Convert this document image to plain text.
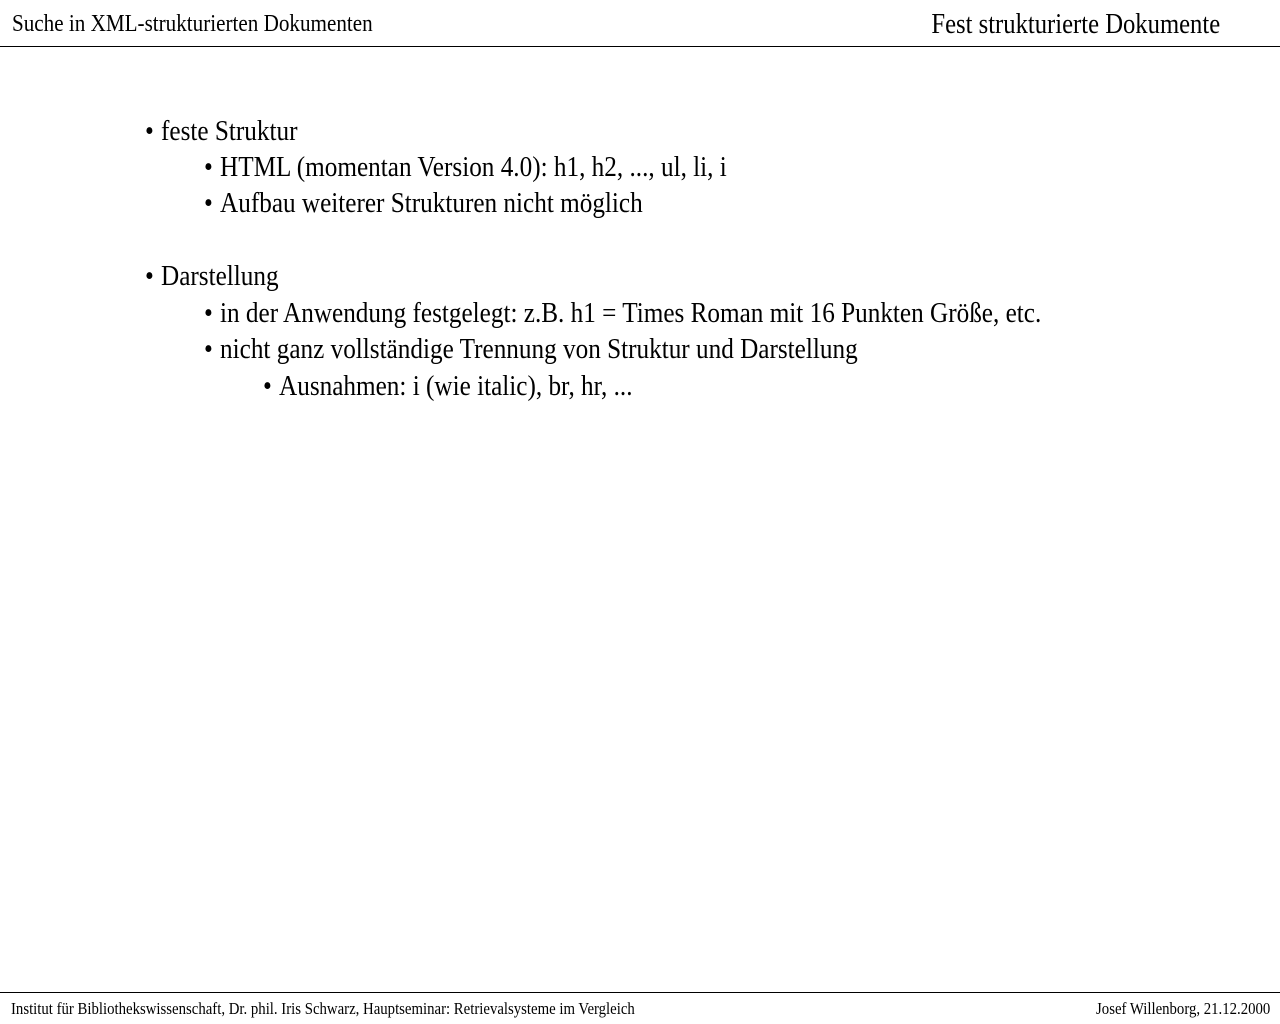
Suche in XML-strukturierten Dokumenten	Fest strukturierte Dokumente
• feste Struktur
• HTML (momentan Version 4.0): h1, h2, ..., ul, li, i
• Aufbau weiterer Strukturen nicht möglich
• Darstellung
• in der Anwendung festgelegt: z.B. h1 = Times Roman mit 16 Punkten Größe, etc.
• nicht ganz vollständige Trennung von Struktur und Darstellung
• Ausnahmen: i (wie italic), br, hr, ...
Institut für Bibliothekswissenschaft, Dr. phil. Iris Schwarz, Hauptseminar: Retrievalsysteme im Vergleich	Josef Willenborg, 21.12.2000
